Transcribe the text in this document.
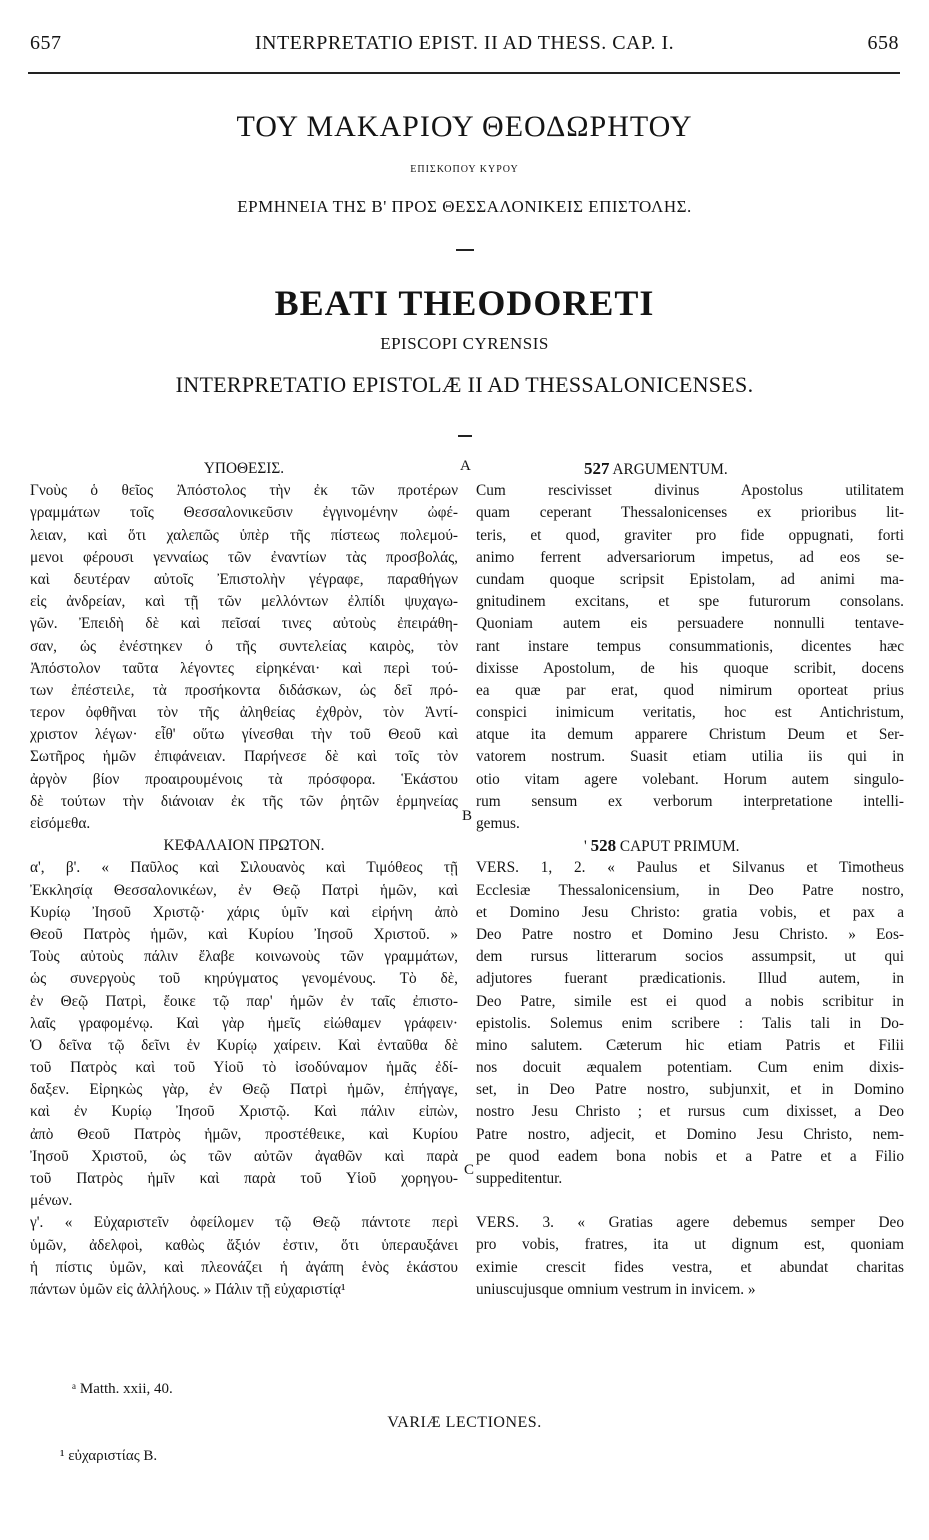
657	INTERPRETATIO EPIST. II AD THESS. CAP. I.	658
ΤΟΥ ΜΑΚΑΡΙΟΥ ΘΕΟΔΩΡΗΤΟΥ
ΕΠΙΣΚΟΠΟΥ ΚΥΡΟΥ
ΕΡΜΗΝΕΙΑ ΤΗΣ Β' ΠΡΟΣ ΘΕΣΣΑΛΟΝΙΚΕΙΣ ΕΠΙΣΤΟΛΗΣ.
BEATI THEODORETI
EPISCOPI CYRENSIS
INTERPRETATIO EPISTOLÆ II AD THESSALONICENSES.
A
B
C
ΥΠΟΘΕΣΙΣ.
Γνοὺς ὁ θεῖος Ἀπόστολος τὴν ἐκ τῶν προτέρων
γραμμάτων τοῖς Θεσσαλονικεῦσιν ἐγγινομένην ὠφέ-
λειαν, καὶ ὅτι χαλεπῶς ὑπὲρ τῆς πίστεως πολεμού-
μενοι φέρουσι γενναίως τῶν ἐναντίων τὰς προσβολάς,
καὶ δευτέραν αὐτοῖς Ἐπιστολὴν γέγραφε, παραθήγων
εἰς ἀνδρείαν, καὶ τῇ τῶν μελλόντων ἐλπίδι ψυχαγω-
γῶν. Ἐπειδὴ δὲ καὶ πεῖσαί τινες αὐτοὺς ἐπειράθη-
σαν, ὡς ἐνέστηκεν ὁ τῆς συντελείας καιρὸς, τὸν
Ἀπόστολον ταῦτα λέγοντες εἰρηκέναι· καὶ περὶ τού-
των ἐπέστειλε, τὰ προσήκοντα διδάσκων, ὡς δεῖ πρό-
τερον ὀφθῆναι τὸν τῆς ἀληθείας ἐχθρὸν, τὸν Ἀντί-
χριστον λέγων· εἶθ' οὕτω γίνεσθαι τὴν τοῦ Θεοῦ καὶ
Σωτῆρος ἡμῶν ἐπιφάνειαν. Παρήνεσε δὲ καὶ τοῖς τὸν
ἀργὸν βίον προαιρουμένοις τὰ πρόσφορα. Ἑκάστου
δὲ τούτων τὴν διάνοιαν ἐκ τῆς τῶν ῥητῶν ἑρμηνείας
εἰσόμεθα.
ΚΕΦΑΛΑΙΟΝ ΠΡΩΤΟΝ.
α', β'. « Παῦλος καὶ Σιλουανὸς καὶ Τιμόθεος τῇ
Ἐκκλησίᾳ Θεσσαλονικέων, ἐν Θεῷ Πατρὶ ἡμῶν, καὶ
Κυρίῳ Ἰησοῦ Χριστῷ· χάρις ὑμῖν καὶ εἰρήνη ἀπὸ
Θεοῦ Πατρὸς ἡμῶν, καὶ Κυρίου Ἰησοῦ Χριστοῦ. »
Τοὺς αὐτοὺς πάλιν ἔλαβε κοινωνοὺς τῶν γραμμάτων,
ὡς συνεργοὺς τοῦ κηρύγματος γενομένους. Τὸ δὲ,
ἐν Θεῷ Πατρὶ, ἔοικε τῷ παρ' ἡμῶν ἐν ταῖς ἐπιστο-
λαῖς γραφομένῳ. Καὶ γὰρ ἡμεῖς εἰώθαμεν γράφειν·
Ὁ δεῖνα τῷ δεῖνι ἐν Κυρίῳ χαίρειν. Καὶ ἐνταῦθα δὲ
τοῦ Πατρὸς καὶ τοῦ Υἱοῦ τὸ ἰσοδύναμον ἡμᾶς ἐδί-
δαξεν. Εἰρηκὼς γὰρ, ἐν Θεῷ Πατρὶ ἡμῶν, ἐπήγαγε,
καὶ ἐν Κυρίῳ Ἰησοῦ Χριστῷ. Καὶ πάλιν εἰπὼν,
ἀπὸ Θεοῦ Πατρὸς ἡμῶν, προστέθεικε, καὶ Κυρίου
Ἰησοῦ Χριστοῦ, ὡς τῶν αὐτῶν ἀγαθῶν καὶ παρὰ
τοῦ Πατρὸς ἡμῖν καὶ παρὰ τοῦ Υἱοῦ χορηγου-
μένων.
γ'. « Εὐχαριστεῖν ὀφείλομεν τῷ Θεῷ πάντοτε περὶ
ὑμῶν, ἀδελφοὶ, καθὼς ἄξιόν ἐστιν, ὅτι ὑπεραυξάνει
ἡ πίστις ὑμῶν, καὶ πλεονάζει ἡ ἀγάπη ἑνὸς ἑκάστου
πάντων ὑμῶν εἰς ἀλλήλους. » Πάλιν τῇ εὐχαριστίᾳ¹
527 ARGUMENTUM.
Cum rescivisset divinus Apostolus utilitatem
quam ceperant Thessalonicenses ex prioribus lit-
teris, et quod, graviter pro fide oppugnati, forti
animo ferrent adversariorum impetus, ad eos se-
cundam quoque scripsit Epistolam, ad animi ma-
gnitudinem excitans, et spe futurorum consolans.
Quoniam autem eis persuadere nonnulli tentave-
rant instare tempus consummationis, dicentes hæc
dixisse Apostolum, de his quoque scribit, docens
ea quæ par erat, quod nimirum oporteat prius
conspici inimicum veritatis, hoc est Antichristum,
atque ita demum apparere Christum Deum et Ser-
vatorem nostrum. Suasit etiam utilia iis qui in
otio vitam agere volebant. Horum autem singulo-
rum sensum ex verborum interpretatione intelli-
gemus.
' 528 CAPUT PRIMUM.
VERS. 1, 2. « Paulus et Silvanus et Timotheus
Ecclesiæ Thessalonicensium, in Deo Patre nostro,
et Domino Jesu Christo: gratia vobis, et pax a
Deo Patre nostro et Domino Jesu Christo. » Eos-
dem rursus litterarum socios assumpsit, ut qui
adjutores fuerant prædicationis. Illud autem, in
Deo Patre, simile est ei quod a nobis scribitur in
epistolis. Solemus enim scribere : Talis tali in Do-
mino salutem. Cæterum hic etiam Patris et Filii
nos docuit æqualem potentiam. Cum enim dixis-
set, in Deo Patre nostro, subjunxit, et in Domino
nostro Jesu Christo ; et rursus cum dixisset, a Deo
Patre nostro, adjecit, et Domino Jesu Christo, nem-
pe quod eadem bona nobis et a Patre et a Filio
suppeditentur.
VERS. 3. « Gratias agere debemus semper Deo
pro vobis, fratres, ita ut dignum est, quoniam
eximie crescit fides vestra, et abundat charitas
uniuscujusque omnium vestrum in invicem. »
ᵃ Matth. xxii, 40.
VARIÆ LECTIONES.
¹ εὐχαριστίας B.
